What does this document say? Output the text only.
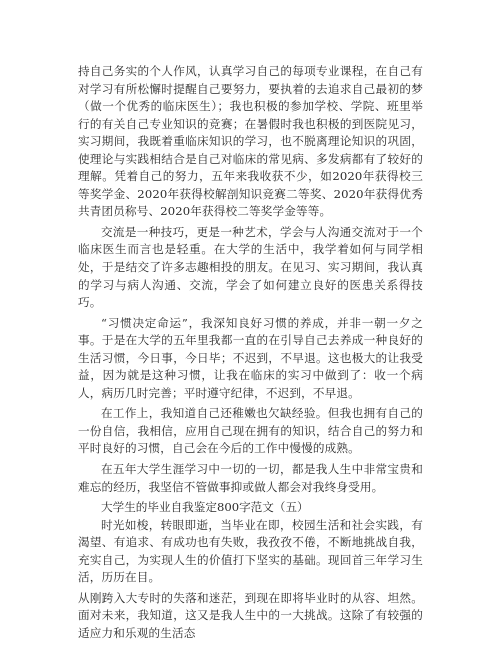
持自己务实的个人作风，认真学习自己的每项专业课程，在自己有对学习有所松懈时提醒自己要努力，要执着的去追求自己最初的梦（做一个优秀的临床医生）；我也积极的参加学校、学院、班里举行的有关自己专业知识的竞赛；在暑假时我也积极的到医院见习，实习期间，我既着重临床知识的学习，也不脱离理论知识的巩固，使理论与实践相结合是自己对临床的常见病、多发病都有了较好的理解。凭着自己的努力，五年来我收获不少，如2020年获得校三等奖学金、2020年获得校解剖知识竞赛二等奖、2020年获得优秀共青团员称号、2020年获得校二等奖学金等等。

交流是一种技巧，更是一种艺术，学会与人沟通交流对于一个临床医生而言也是轻重。在大学的生活中，我学着如何与同学相处，于是结交了许多志趣相投的朋友。在见习、实习期间，我认真的学习与病人沟通、交流，学会了如何建立良好的医患关系得技巧。

“习惯决定命运”，我深知良好习惯的养成，并非一朝一夕之事。于是在大学的五年里我都一直的在引导自己去养成一种良好的生活习惯，今日事，今日毕；不迟到，不早退。这也极大的让我受益，因为就是这种习惯，让我在临床的实习中做到了：收一个病人，病历几时完善；平时遵守纪律，不迟到，不早退。

在工作上，我知道自己还稚嫩也欠缺经验。但我也拥有自己的一份自信，我相信，应用自己现在拥有的知识，结合自己的努力和平时良好的习惯，自己会在今后的工作中慢慢的成熟。

在五年大学生涯学习中一切的一切，都是我人生中非常宝贵和难忘的经历，我坚信不管做事抑或做人都会对我终身受用。

大学生的毕业自我鉴定800字范文（五）

时光如梭，转眼即逝，当毕业在即，校园生活和社会实践，有渴望、有追求、有成功也有失败，我孜孜不倦，不断地挑战自我，充实自己，为实现人生的价值打下坚实的基础。现回首三年学习生活，历历在目。

从刚跨入大专时的失落和迷茫，到现在即将毕业时的从容、坦然。面对未来，我知道，这又是我人生中的一大挑战。这除了有较强的适应力和乐观的生活态
